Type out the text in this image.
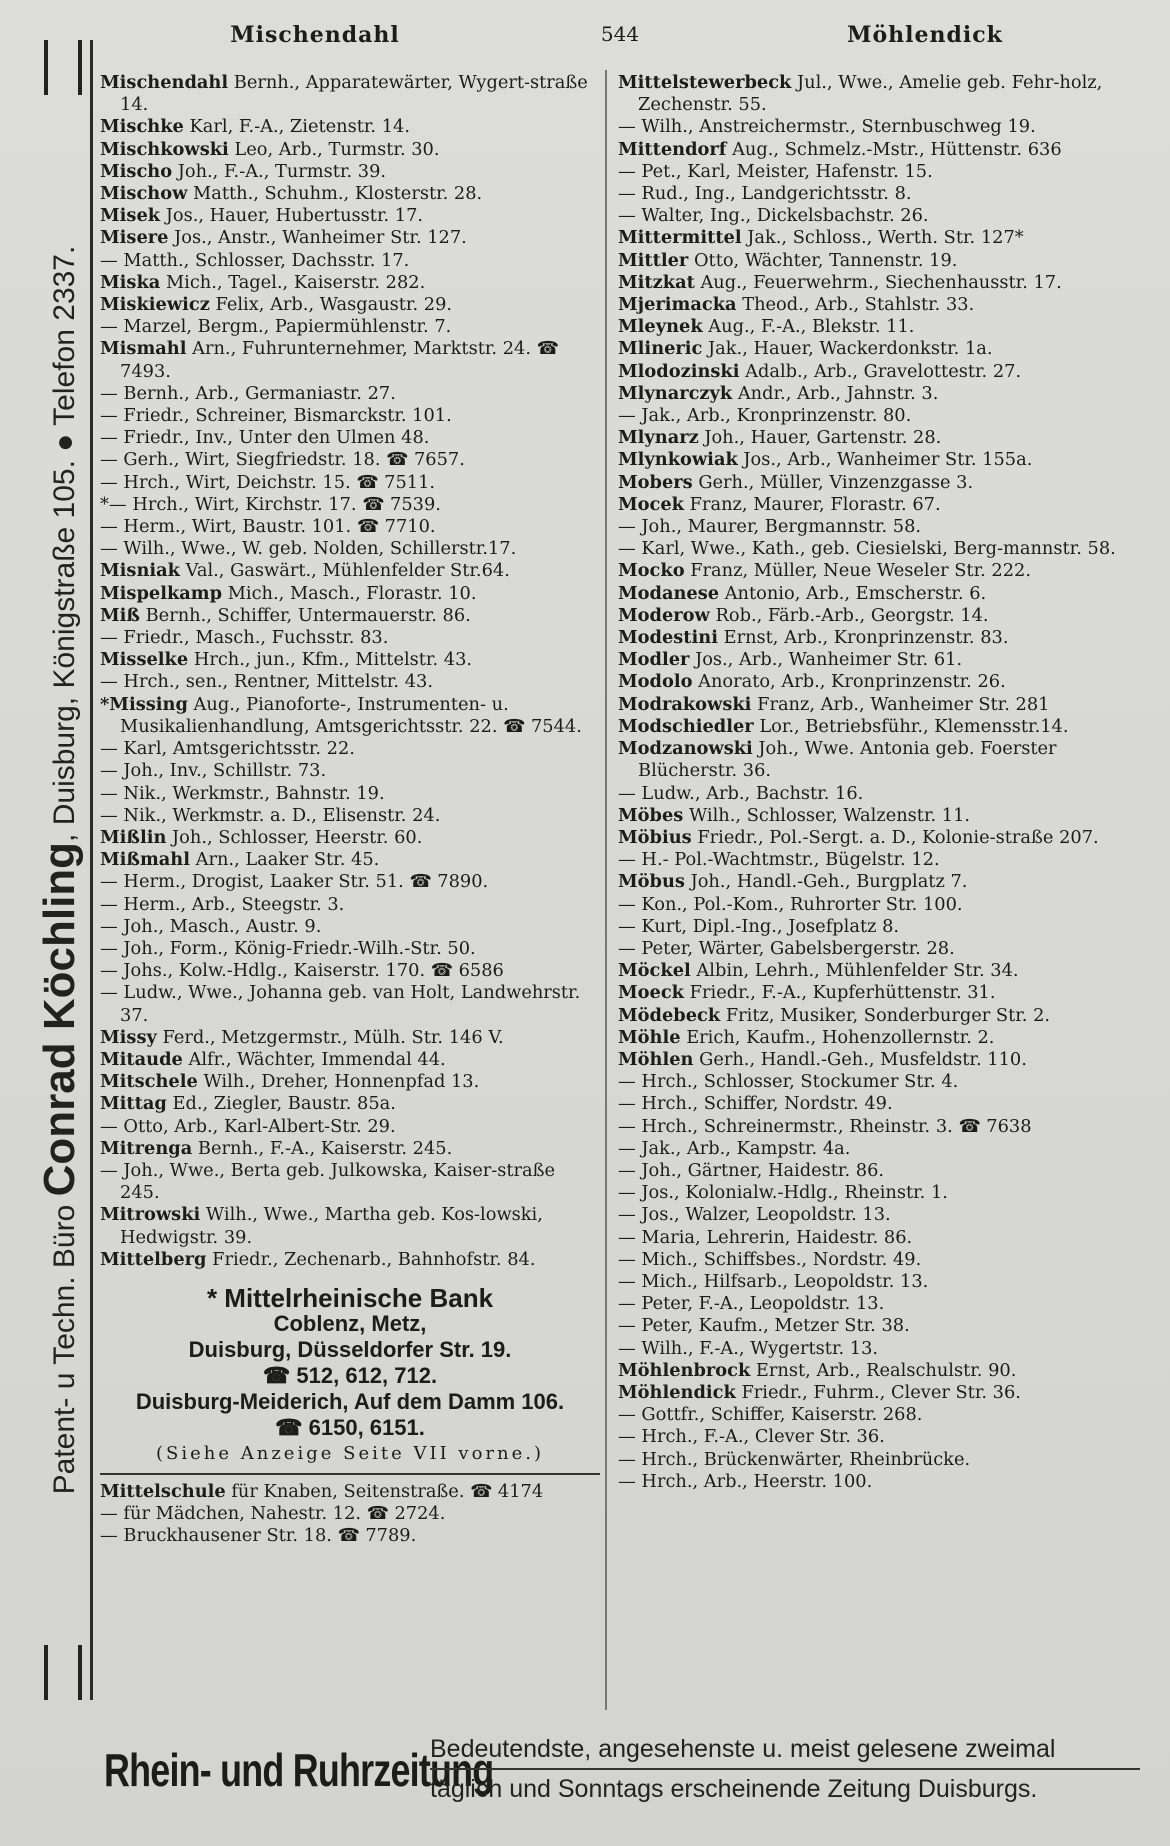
Patent- u Techn. Büro Conrad Köchling, Duisburg, Königstraße 105. ● Telefon 2337.
Mischendahl	544	Möhlendick

Mischendahl Bernh., Apparatewärter, Wygert-straße 14.

Mischke Karl, F.-A., Zietenstr. 14.

Mischkowski Leo, Arb., Turmstr. 30.

Mischo Joh., F.-A., Turmstr. 39.

Mischow Matth., Schuhm., Klosterstr. 28.

Misek Jos., Hauer, Hubertusstr. 17.

Misere Jos., Anstr., Wanheimer Str. 127.

— Matth., Schlosser, Dachsstr. 17.

Miska Mich., Tagel., Kaiserstr. 282.

Miskiewicz Felix, Arb., Wasgaustr. 29.

— Marzel, Bergm., Papiermühlenstr. 7.

Mismahl Arn., Fuhrunternehmer, Marktstr. 24. ☎ 7493.

— Bernh., Arb., Germaniastr. 27.

— Friedr., Schreiner, Bismarckstr. 101.

— Friedr., Inv., Unter den Ulmen 48.

— Gerh., Wirt, Siegfriedstr. 18. ☎ 7657.

— Hrch., Wirt, Deichstr. 15. ☎ 7511.

*— Hrch., Wirt, Kirchstr. 17. ☎ 7539.

— Herm., Wirt, Baustr. 101. ☎ 7710.

— Wilh., Wwe., W. geb. Nolden, Schillerstr.17.

Misniak Val., Gaswärt., Mühlenfelder Str.64.

Mispelkamp Mich., Masch., Florastr. 10.

Miß Bernh., Schiffer, Untermauerstr. 86.

— Friedr., Masch., Fuchsstr. 83.

Misselke Hrch., jun., Kfm., Mittelstr. 43.

— Hrch., sen., Rentner, Mittelstr. 43.

*Missing Aug., Pianoforte-, Instrumenten- u. Musikalienhandlung, Amtsgerichtsstr. 22. ☎ 7544.

— Karl, Amtsgerichtsstr. 22.

— Joh., Inv., Schillstr. 73.

— Nik., Werkmstr., Bahnstr. 19.

— Nik., Werkmstr. a. D., Elisenstr. 24.

Mißlin Joh., Schlosser, Heerstr. 60.

Mißmahl Arn., Laaker Str. 45.

— Herm., Drogist, Laaker Str. 51. ☎ 7890.

— Herm., Arb., Steegstr. 3.

— Joh., Masch., Austr. 9.

— Joh., Form., König-Friedr.-Wilh.-Str. 50.

— Johs., Kolw.-Hdlg., Kaiserstr. 170. ☎ 6586

— Ludw., Wwe., Johanna geb. van Holt, Landwehrstr. 37.

Missy Ferd., Metzgermstr., Mülh. Str. 146 V.

Mitaude Alfr., Wächter, Immendal 44.

Mitschele Wilh., Dreher, Honnenpfad 13.

Mittag Ed., Ziegler, Baustr. 85a.

— Otto, Arb., Karl-Albert-Str. 29.

Mitrenga Bernh., F.-A., Kaiserstr. 245.

— Joh., Wwe., Berta geb. Julkowska, Kaiser-straße 245.

Mitrowski Wilh., Wwe., Martha geb. Kos-lowski, Hedwigstr. 39.

Mittelberg Friedr., Zechenarb., Bahnhofstr. 84.

* Mittelrheinische Bank
Coblenz, Metz,
Duisburg, Düsseldorfer Str. 19.
☎ 512, 612, 712.
Duisburg-Meiderich, Auf dem Damm 106.
☎ 6150, 6151.
(Siehe Anzeige Seite VII vorne.)

Mittelschule für Knaben, Seitenstraße. ☎ 4174

— für Mädchen, Nahestr. 12. ☎ 2724.

— Bruckhausener Str. 18. ☎ 7789.

Mittelstewerbeck Jul., Wwe., Amelie geb. Fehr-holz, Zechenstr. 55.

— Wilh., Anstreichermstr., Sternbuschweg 19.

Mittendorf Aug., Schmelz.-Mstr., Hüttenstr. 636

— Pet., Karl, Meister, Hafenstr. 15.

— Rud., Ing., Landgerichtsstr. 8.

— Walter, Ing., Dickelsbachstr. 26.

Mittermittel Jak., Schloss., Werth. Str. 127*

Mittler Otto, Wächter, Tannenstr. 19.

Mitzkat Aug., Feuerwehrm., Siechenhausstr. 17.

Mjerimacka Theod., Arb., Stahlstr. 33.

Mleynek Aug., F.-A., Blekstr. 11.

Mlineric Jak., Hauer, Wackerdonkstr. 1a.

Mlodozinski Adalb., Arb., Gravelottestr. 27.

Mlynarczyk Andr., Arb., Jahnstr. 3.

— Jak., Arb., Kronprinzenstr. 80.

Mlynarz Joh., Hauer, Gartenstr. 28.

Mlynkowiak Jos., Arb., Wanheimer Str. 155a.

Mobers Gerh., Müller, Vinzenzgasse 3.

Mocek Franz, Maurer, Florastr. 67.

— Joh., Maurer, Bergmannstr. 58.

— Karl, Wwe., Kath., geb. Ciesielski, Berg-mannstr. 58.

Mocko Franz, Müller, Neue Weseler Str. 222.

Modanese Antonio, Arb., Emscherstr. 6.

Moderow Rob., Färb.-Arb., Georgstr. 14.

Modestini Ernst, Arb., Kronprinzenstr. 83.

Modler Jos., Arb., Wanheimer Str. 61.

Modolo Anorato, Arb., Kronprinzenstr. 26.

Modrakowski Franz, Arb., Wanheimer Str. 281

Modschiedler Lor., Betriebsführ., Klemensstr.14.

Modzanowski Joh., Wwe. Antonia geb. Foerster Blücherstr. 36.

— Ludw., Arb., Bachstr. 16.

Möbes Wilh., Schlosser, Walzenstr. 11.

Möbius Friedr., Pol.-Sergt. a. D., Kolonie-straße 207.

— H.- Pol.-Wachtmstr., Bügelstr. 12.

Möbus Joh., Handl.-Geh., Burgplatz 7.

— Kon., Pol.-Kom., Ruhrorter Str. 100.

— Kurt, Dipl.-Ing., Josefplatz 8.

— Peter, Wärter, Gabelsbergerstr. 28.

Möckel Albin, Lehrh., Mühlenfelder Str. 34.

Moeck Friedr., F.-A., Kupferhüttenstr. 31.

Mödebeck Fritz, Musiker, Sonderburger Str. 2.

Möhle Erich, Kaufm., Hohenzollernstr. 2.

Möhlen Gerh., Handl.-Geh., Musfeldstr. 110.

— Hrch., Schlosser, Stockumer Str. 4.

— Hrch., Schiffer, Nordstr. 49.

— Hrch., Schreinermstr., Rheinstr. 3. ☎ 7638

— Jak., Arb., Kampstr. 4a.

— Joh., Gärtner, Haidestr. 86.

— Jos., Kolonialw.-Hdlg., Rheinstr. 1.

— Jos., Walzer, Leopoldstr. 13.

— Maria, Lehrerin, Haidestr. 86.

— Mich., Schiffsbes., Nordstr. 49.

— Mich., Hilfsarb., Leopoldstr. 13.

— Peter, F.-A., Leopoldstr. 13.

— Peter, Kaufm., Metzer Str. 38.

— Wilh., F.-A., Wygertstr. 13.

Möhlenbrock Ernst, Arb., Realschulstr. 90.

Möhlendick Friedr., Fuhrm., Clever Str. 36.

— Gottfr., Schiffer, Kaiserstr. 268.

— Hrch., F.-A., Clever Str. 36.

— Hrch., Brückenwärter, Rheinbrücke.

— Hrch., Arb., Heerstr. 100.

Rhein- und Ruhrzeitung
Bedeutendste, angesehenste u. meist gelesene zweimal
täglich und Sonntags erscheinende Zeitung Duisburgs.
